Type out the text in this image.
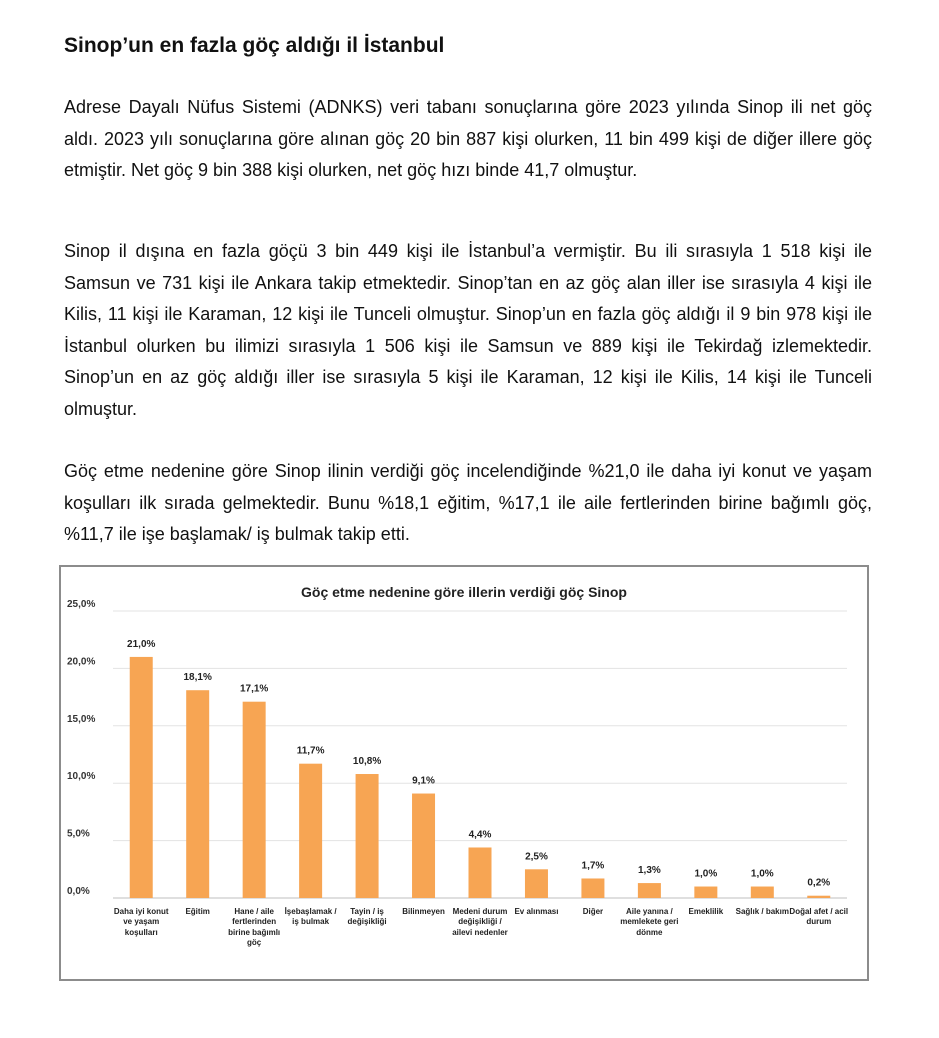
Sinop’un en fazla göç aldığı il İstanbul

Adrese Dayalı Nüfus Sistemi (ADNKS) veri tabanı sonuçlarına göre 2023 yılında Sinop ili net göç aldı. 2023 yılı sonuçlarına göre alınan göç 20 bin 887 kişi olurken, 11 bin 499 kişi de diğer illere göç etmiştir. Net göç 9 bin 388 kişi olurken, net göç hızı binde 41,7 olmuştur.

Sinop il dışına en fazla göçü 3 bin 449 kişi ile İstanbul’a vermiştir. Bu ili sırasıyla 1 518 kişi ile Samsun ve 731 kişi ile Ankara takip etmektedir. Sinop’tan en az göç alan iller ise sırasıyla 4 kişi ile Kilis, 11 kişi ile Karaman, 12 kişi ile Tunceli olmuştur. Sinop’un en fazla göç aldığı il 9 bin 978 kişi ile İstanbul olurken bu ilimizi sırasıyla 1 506 kişi ile Samsun ve 889 kişi ile Tekirdağ izlemektedir. Sinop’un en az göç aldığı iller ise sırasıyla 5 kişi ile Karaman, 12 kişi ile Kilis, 14 kişi ile Tunceli olmuştur.

Göç etme nedenine göre Sinop ilinin verdiği göç incelendiğinde %21,0 ile daha iyi konut ve yaşam koşulları ilk sırada gelmektedir. Bunu %18,1 eğitim, %17,1 ile aile fertlerinden birine bağımlı göç, %11,7 ile işe başlamak/ iş bulmak takip etti.

Göç etme nedenine göre illerin verdiği göç Sinop
0,0%
5,0%
10,0%
15,0%
20,0%
25,0%
21,0%
18,1%
17,1%
11,7%
10,8%
9,1%
4,4%
2,5%
1,7%	1,3%	1,0%	1,0%
0,2%
Daha iyi konut ve yaşam koşulları
Eğitim	Hane / aile fertlerinden birine bağımlı göç
İşebaşlamak / iş bulmak
Tayin / iş değişikliği
Bilinmeyen Medeni durum değişikliği / ailevi nedenler
Ev alınması	Diğer	Aile yanına / memlekete geri dönme
Emeklilik	Sağlık / bakım Doğal afet / acil durum
